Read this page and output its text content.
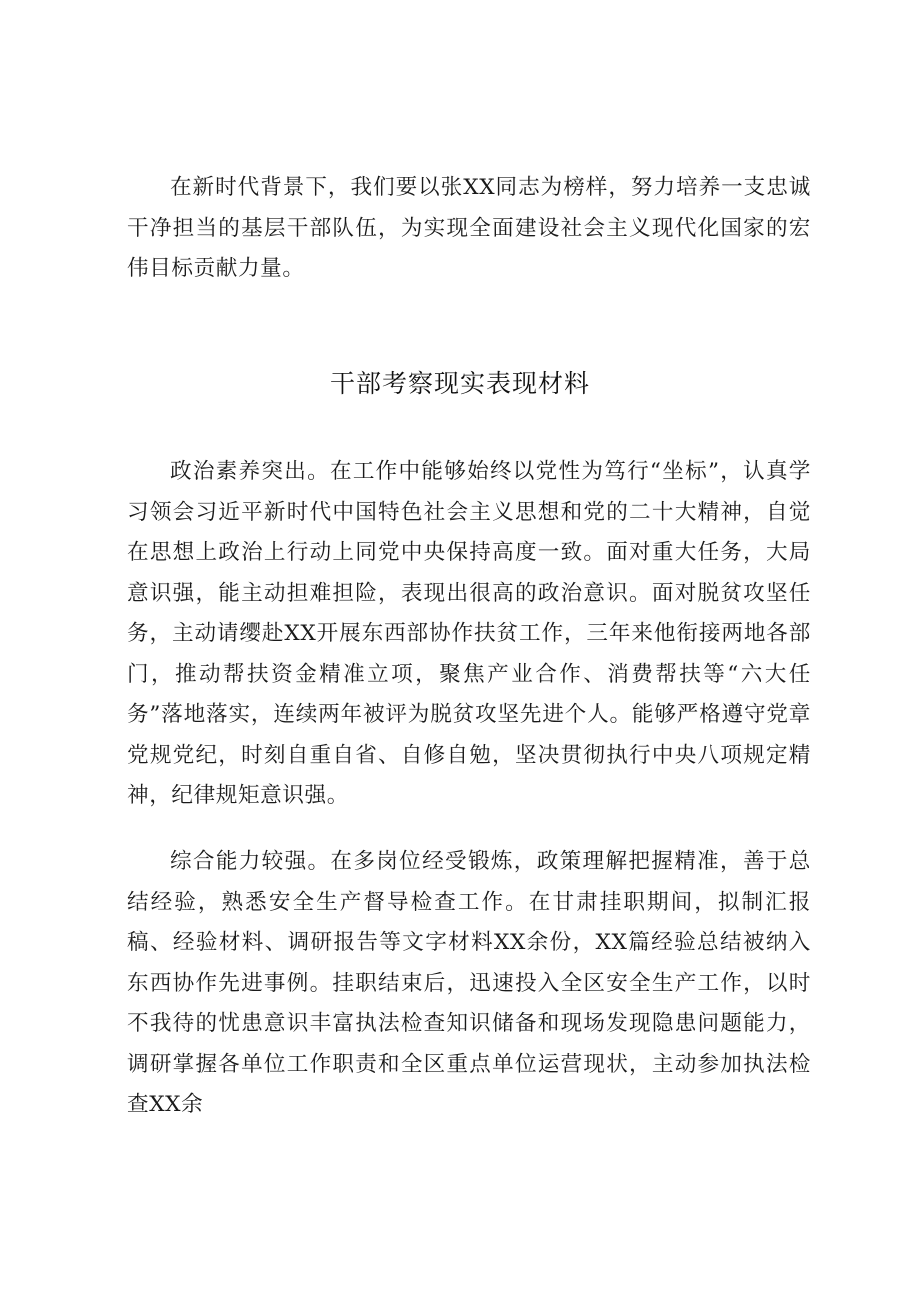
在新时代背景下，我们要以张XX同志为榜样，努力培养一支忠诚干净担当的基层干部队伍，为实现全面建设社会主义现代化国家的宏伟目标贡献力量。

干部考察现实表现材料

政治素养突出。在工作中能够始终以党性为笃行“坐标”，认真学习领会习近平新时代中国特色社会主义思想和党的二十大精神，自觉在思想上政治上行动上同党中央保持高度一致。面对重大任务，大局意识强，能主动担难担险，表现出很高的政治意识。面对脱贫攻坚任务，主动请缨赴XX开展东西部协作扶贫工作，三年来他衔接两地各部门，推动帮扶资金精准立项，聚焦产业合作、消费帮扶等“六大任务”落地落实，连续两年被评为脱贫攻坚先进个人。能够严格遵守党章党规党纪，时刻自重自省、自修自勉，坚决贯彻执行中央八项规定精神，纪律规矩意识强。

综合能力较强。在多岗位经受锻炼，政策理解把握精准，善于总结经验，熟悉安全生产督导检查工作。在甘肃挂职期间，拟制汇报稿、经验材料、调研报告等文字材料XX余份，XX篇经验总结被纳入东西协作先进事例。挂职结束后，迅速投入全区安全生产工作，以时不我待的忧患意识丰富执法检查知识储备和现场发现隐患问题能力，调研掌握各单位工作职责和全区重点单位运营现状，主动参加执法检查XX余
